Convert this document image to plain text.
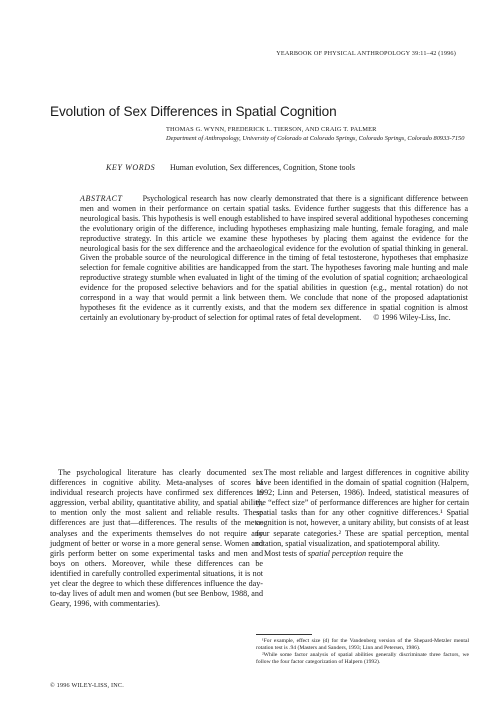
YEARBOOK OF PHYSICAL ANTHROPOLOGY 39:11–42 (1996)
Evolution of Sex Differences in Spatial Cognition
THOMAS G. WYNN, FREDERICK L. TIERSON, AND CRAIG T. PALMER
Department of Anthropology, University of Colorado at Colorado Springs, Colorado Springs, Colorado 80933-7150
KEY WORDS Human evolution, Sex differences, Cognition, Stone tools
ABSTRACT	Psychological research has now clearly demonstrated that there is a significant difference between men and women in their performance on certain spatial tasks. Evidence further suggests that this difference has a neurological basis. This hypothesis is well enough established to have inspired several additional hypotheses concerning the evolutionary origin of the difference, including hypotheses emphasizing male hunting, female foraging, and male reproductive strategy. In this article we examine these hypotheses by placing them against the evidence for the neurological basis for the sex difference and the archaeological evidence for the evolution of spatial thinking in general. Given the probable source of the neurological difference in the timing of fetal testosterone, hypotheses that emphasize selection for female cognitive abilities are handicapped from the start. The hypotheses favoring male hunting and male reproductive strategy stumble when evaluated in light of the timing of the evolution of spatial cognition; archaeological evidence for the proposed selective behaviors and for the spatial abilities in question (e.g., mental rotation) do not correspond in a way that would permit a link between them. We conclude that none of the proposed adaptationist hypotheses fit the evidence as it currently exists, and that the modern sex difference in spatial cognition is almost certainly an evolutionary by-product of selection for optimal rates of fetal development. © 1996 Wiley-Liss, Inc.

The psychological literature has clearly documented sex differences in cognitive ability. Meta-analyses of scores of individual research projects have confirmed sex differences in aggression, verbal ability, quantitative ability, and spatial ability, to mention only the most salient and reliable results. These differences are just that—differences. The results of the meta-analyses and the experiments themselves do not require any judgment of better or worse in a more general sense. Women and girls perform better on some experimental tasks and men and boys on others. Moreover, while these differences can be identified in carefully controlled experimental situations, it is not yet clear the degree to which these differences influence the day-to-day lives of adult men and women (but see Benbow, 1988, and Geary, 1996, with commentaries).

The most reliable and largest differences in cognitive ability have been identified in the domain of spatial cognition (Halpern, 1992; Linn and Petersen, 1986). Indeed, statistical measures of the “effect size” of performance differences are higher for certain spatial tasks than for any other cognitive differences.¹ Spatial cognition is not, however, a unitary ability, but consists of at least four separate categories.² These are spatial perception, mental rotation, spatial visualization, and spatiotemporal ability.

Most tests of spatial perception require the

¹For example, effect size (d) for the Vandenberg version of the Shepard-Metzler mental rotation test is .94 (Masters and Sanders, 1993; Linn and Petersen, 1986).

²While some factor analysis of spatial abilities generally discriminate three factors, we follow the four factor categorization of Halpern (1992).

© 1996 WILEY-LISS, INC.
